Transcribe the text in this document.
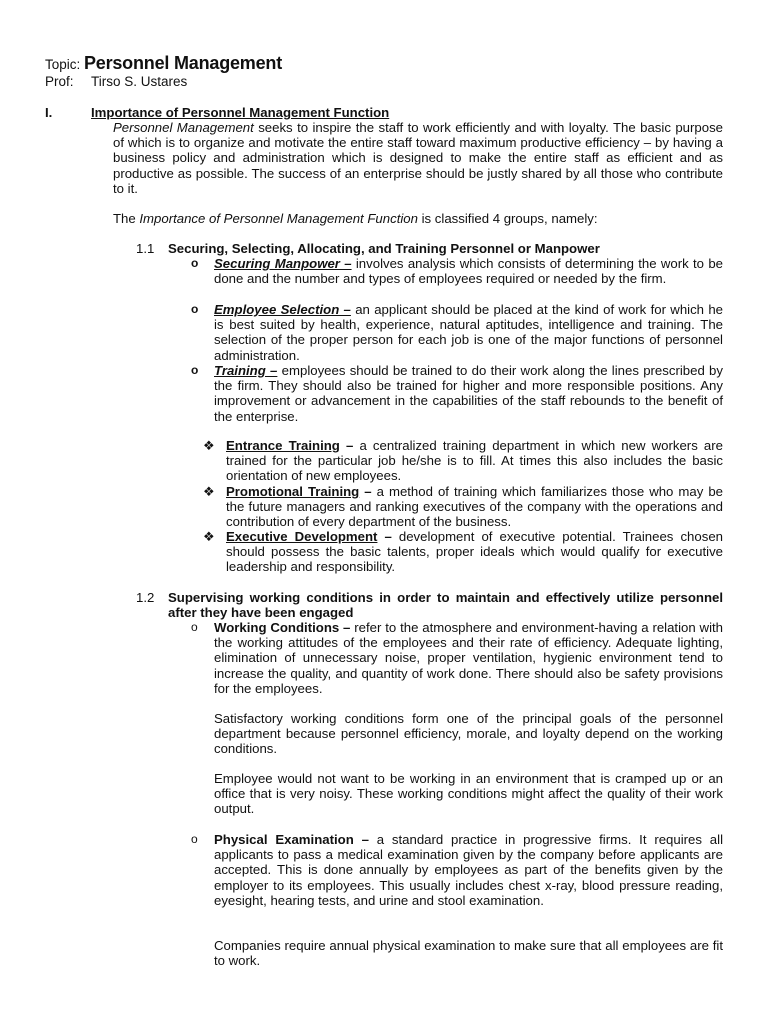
Topic: Personnel Management
Prof: Tirso S. Ustares
I.	Importance of Personnel Management Function
Personnel Management seeks to inspire the staff to work efficiently and with loyalty. The basic purpose of which is to organize and motivate the entire staff toward maximum productive efficiency – by having a business policy and administration which is designed to make the entire staff as efficient and as productive as possible. The success of an enterprise should be justly shared by all those who contribute to it.
The Importance of Personnel Management Function is classified 4 groups, namely:
1.1 Securing, Selecting, Allocating, and Training Personnel or Manpower
o Securing Manpower – involves analysis which consists of determining the work to be done and the number and types of employees required or needed by the firm.
o Employee Selection – an applicant should be placed at the kind of work for which he is best suited by health, experience, natural aptitudes, intelligence and training. The selection of the proper person for each job is one of the major functions of personnel administration.
o Training – employees should be trained to do their work along the lines prescribed by the firm. They should also be trained for higher and more responsible positions. Any improvement or advancement in the capabilities of the staff rebounds to the benefit of the enterprise.
❖ Entrance Training – a centralized training department in which new workers are trained for the particular job he/she is to fill. At times this also includes the basic orientation of new employees.
❖ Promotional Training – a method of training which familiarizes those who may be the future managers and ranking executives of the company with the operations and contribution of every department of the business.
❖ Executive Development – development of executive potential. Trainees chosen should possess the basic talents, proper ideals which would qualify for executive leadership and responsibility.
1.2 Supervising working conditions in order to maintain and effectively utilize personnel after they have been engaged
o Working Conditions – refer to the atmosphere and environment-having a relation with the working attitudes of the employees and their rate of efficiency. Adequate lighting, elimination of unnecessary noise, proper ventilation, hygienic environment tend to increase the quality, and quantity of work done. There should also be safety provisions for the employees.
Satisfactory working conditions form one of the principal goals of the personnel department because personnel efficiency, morale, and loyalty depend on the working conditions.
Employee would not want to be working in an environment that is cramped up or an office that is very noisy. These working conditions might affect the quality of their work output.
o Physical Examination – a standard practice in progressive firms. It requires all applicants to pass a medical examination given by the company before applicants are accepted. This is done annually by employees as part of the benefits given by the employer to its employees. This usually includes chest x-ray, blood pressure reading, eyesight, hearing tests, and urine and stool examination.
Companies require annual physical examination to make sure that all employees are fit to work.
